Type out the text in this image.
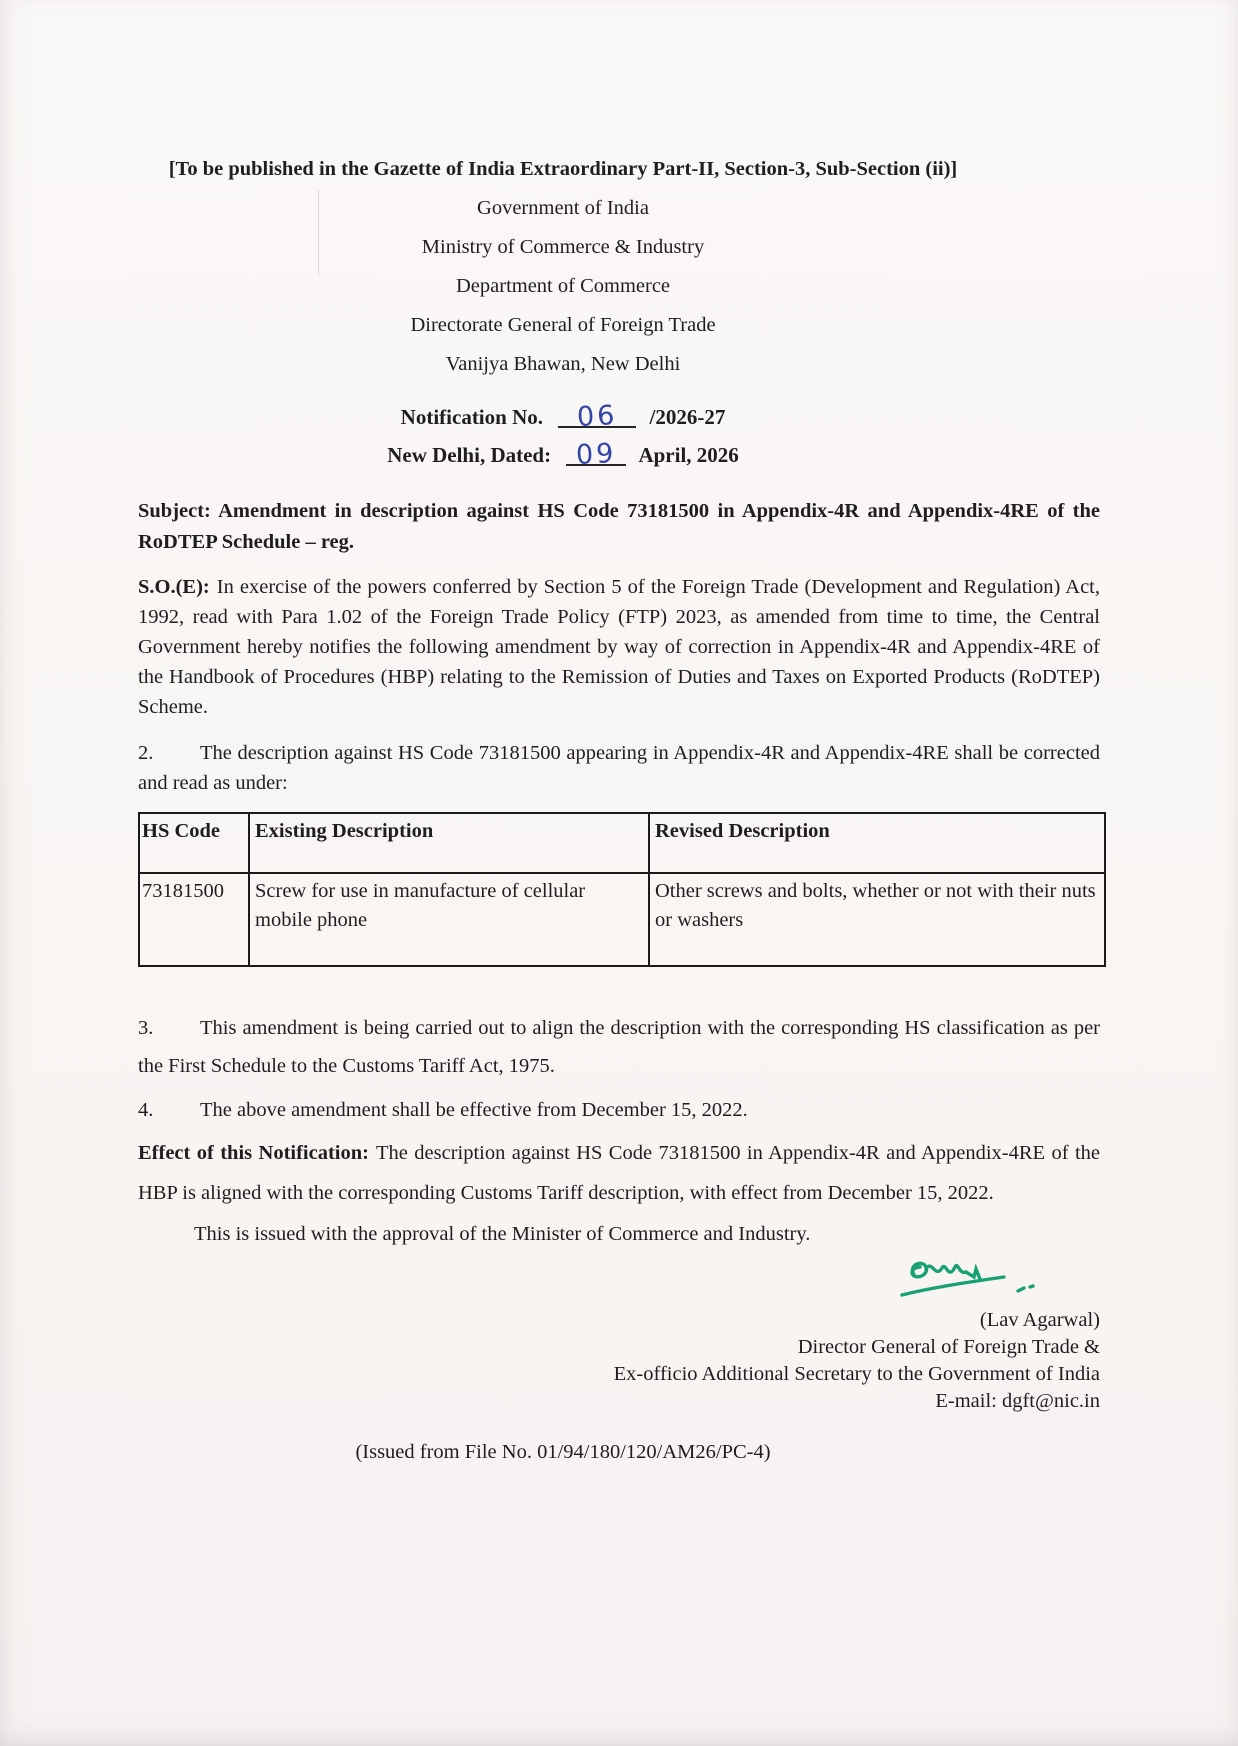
[To be published in the Gazette of India Extraordinary Part-II, Section-3, Sub-Section (ii)]
Government of India
Ministry of Commerce & Industry
Department of Commerce
Directorate General of Foreign Trade
Vanijya Bhawan, New Delhi
Notification No. 06 /2026-27
New Delhi, Dated: 09 April, 2026
Subject: Amendment in description against HS Code 73181500 in Appendix-4R and Appendix-4RE of the RoDTEP Schedule – reg.
S.O.(E): In exercise of the powers conferred by Section 5 of the Foreign Trade (Development and Regulation) Act, 1992, read with Para 1.02 of the Foreign Trade Policy (FTP) 2023, as amended from time to time, the Central Government hereby notifies the following amendment by way of correction in Appendix-4R and Appendix-4RE of the Handbook of Procedures (HBP) relating to the Remission of Duties and Taxes on Exported Products (RoDTEP) Scheme.
2. The description against HS Code 73181500 appearing in Appendix-4R and Appendix-4RE shall be corrected and read as under:
HS Code	Existing Description	Revised Description
73181500	Screw for use in manufacture of cellular mobile phone	Other screws and bolts, whether or not with their nuts or washers
3. This amendment is being carried out to align the description with the corresponding HS classification as per the First Schedule to the Customs Tariff Act, 1975.
4. The above amendment shall be effective from December 15, 2022.
Effect of this Notification: The description against HS Code 73181500 in Appendix-4R and Appendix-4RE of the HBP is aligned with the corresponding Customs Tariff description, with effect from December 15, 2022.
This is issued with the approval of the Minister of Commerce and Industry.
(Lav Agarwal)
Director General of Foreign Trade &
Ex-officio Additional Secretary to the Government of India
E-mail: dgft@nic.in
(Issued from File No. 01/94/180/120/AM26/PC-4)
